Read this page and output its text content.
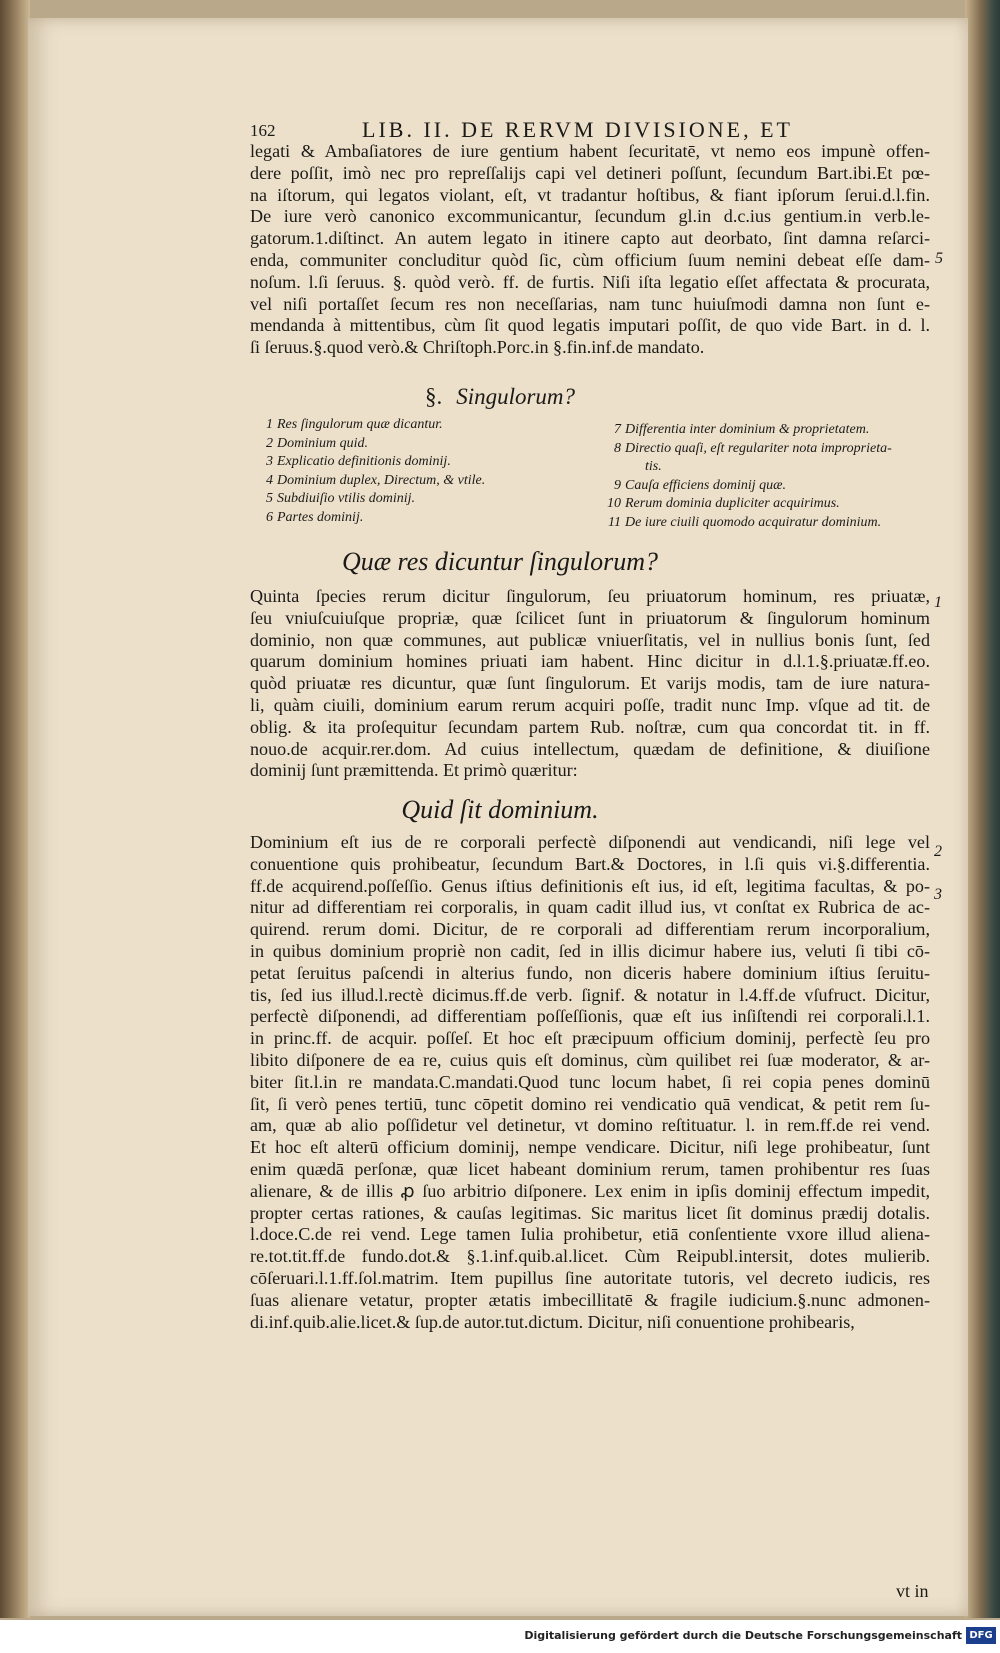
162	LIB. II. DE RERVM DIVISIONE, ET
legati & Ambaſiatores de iure gentium habent ſecuritatē, vt nemo eos impunè offen-
dere poſſit, imò nec pro repreſſalijs capi vel detineri poſſunt, ſecundum Bart.ibi.Et pœ-
na iſtorum, qui legatos violant, eſt, vt tradantur hoſtibus, & fiant ipſorum ſerui.d.l.fin.
De iure verò canonico excommunicantur, ſecundum gl.in d.c.ius gentium.in verb.le-
gatorum.1.diſtinct. An autem legato in itinere capto aut deorbato, ſint damna reſarci-
enda, communiter concluditur quòd ſic, cùm officium ſuum nemini debeat eſſe dam-
noſum. l.ſi ſeruus. §. quòd verò. ff. de furtis. Niſi iſta legatio eſſet affectata & procurata,
vel niſi portaſſet ſecum res non neceſſarias, nam tunc huiuſmodi damna non ſunt e-
mendanda à mittentibus, cùm ſit quod legatis imputari poſſit, de quo vide Bart. in d. l.
ſi ſeruus.§.quod verò.& Chriſtoph.Porc.in §.fin.inf.de mandato.
5
§. Singulorum?
1 Res ſingulorum quæ dicantur.
2 Dominium quid.
3 Explicatio definitionis dominij.
4 Dominium duplex, Directum, & vtile.
5 Subdiuiſio vtilis dominij.
6 Partes dominij.
7 Differentia inter dominium & proprietatem.
8 Directio quaſi, eſt regulariter nota improprieta-
tis.
9 Cauſa efficiens dominij quæ.
10 Rerum dominia dupliciter acquirimus.
11 De iure ciuili quomodo acquiratur dominium.
Quæ res dicuntur ſingulorum?
1
Quinta ſpecies rerum dicitur ſingulorum, ſeu priuatorum hominum, res priuatæ,
ſeu vniuſcuiuſque propriæ, quæ ſcilicet ſunt in priuatorum & ſingulorum hominum
dominio, non quæ communes, aut publicæ vniuerſitatis, vel in nullius bonis ſunt, ſed
quarum dominium homines priuati iam habent. Hinc dicitur in d.l.1.§.priuatæ.ff.eo.
quòd priuatæ res dicuntur, quæ ſunt ſingulorum. Et varijs modis, tam de iure natura-
li, quàm ciuili, dominium earum rerum acquiri poſſe, tradit nunc Imp. vſque ad tit. de
oblig. & ita proſequitur ſecundam partem Rub. noſtræ, cum qua concordat tit. in ff.
nouo.de acquir.rer.dom. Ad cuius intellectum, quædam de definitione, & diuiſione
dominij ſunt præmittenda. Et primò quæritur:
Quid ſit dominium.
2
3
Dominium eſt ius de re corporali perfectè diſponendi aut vendicandi, niſi lege vel
conuentione quis prohibeatur, ſecundum Bart.& Doctores, in l.ſi quis vi.§.differentia.
ff.de acquirend.poſſeſſio. Genus iſtius definitionis eſt ius, id eſt, legitima facultas, & po-
nitur ad differentiam rei corporalis, in quam cadit illud ius, vt conſtat ex Rubrica de ac-
quirend. rerum domi. Dicitur, de re corporali ad differentiam rerum incorporalium,
in quibus dominium propriè non cadit, ſed in illis dicimur habere ius, veluti ſi tibi cō-
petat ſeruitus paſcendi in alterius fundo, non diceris habere dominium iſtius ſeruitu-
tis, ſed ius illud.l.rectè dicimus.ff.de verb. ſignif. & notatur in l.4.ff.de vſufruct. Dicitur,
perfectè diſponendi, ad differentiam poſſeſſionis, quæ eſt ius inſiſtendi rei corporali.l.1.
in princ.ff. de acquir. poſſeſ. Et hoc eſt præcipuum officium dominij, perfectè ſeu pro
libito diſponere de ea re, cuius quis eſt dominus, cùm quilibet rei ſuæ moderator, & ar-
biter ſit.l.in re mandata.C.mandati.Quod tunc locum habet, ſi rei copia penes dominū
ſit, ſi verò penes tertiū, tunc cōpetit domino rei vendicatio quā vendicat, & petit rem ſu-
am, quæ ab alio poſſidetur vel detinetur, vt domino reſtituatur. l. in rem.ff.de rei vend.
Et hoc eſt alterū officium dominij, nempe vendicare. Dicitur, niſi lege prohibeatur, ſunt
enim quædā perſonæ, quæ licet habeant dominium rerum, tamen prohibentur res ſuas
alienare, & de illis ꝓ ſuo arbitrio diſponere. Lex enim in ipſis dominij effectum impedit,
propter certas rationes, & cauſas legitimas. Sic maritus licet ſit dominus prædij dotalis.
l.doce.C.de rei vend. Lege tamen Iulia prohibetur, etiā conſentiente vxore illud aliena-
re.tot.tit.ff.de fundo.dot.& §.1.inf.quib.al.licet. Cùm Reipubl.intersit, dotes mulierib.
cōſeruari.l.1.ff.ſol.matrim. Item pupillus ſine autoritate tutoris, vel decreto iudicis, res
ſuas alienare vetatur, propter ætatis imbecillitatē & fragile iudicium.§.nunc admonen-
di.inf.quib.alie.licet.& ſup.de autor.tut.dictum. Dicitur, niſi conuentione prohibearis,
vt in
Digitalisierung gefördert durch die Deutsche Forschungsgemeinschaft DFG
